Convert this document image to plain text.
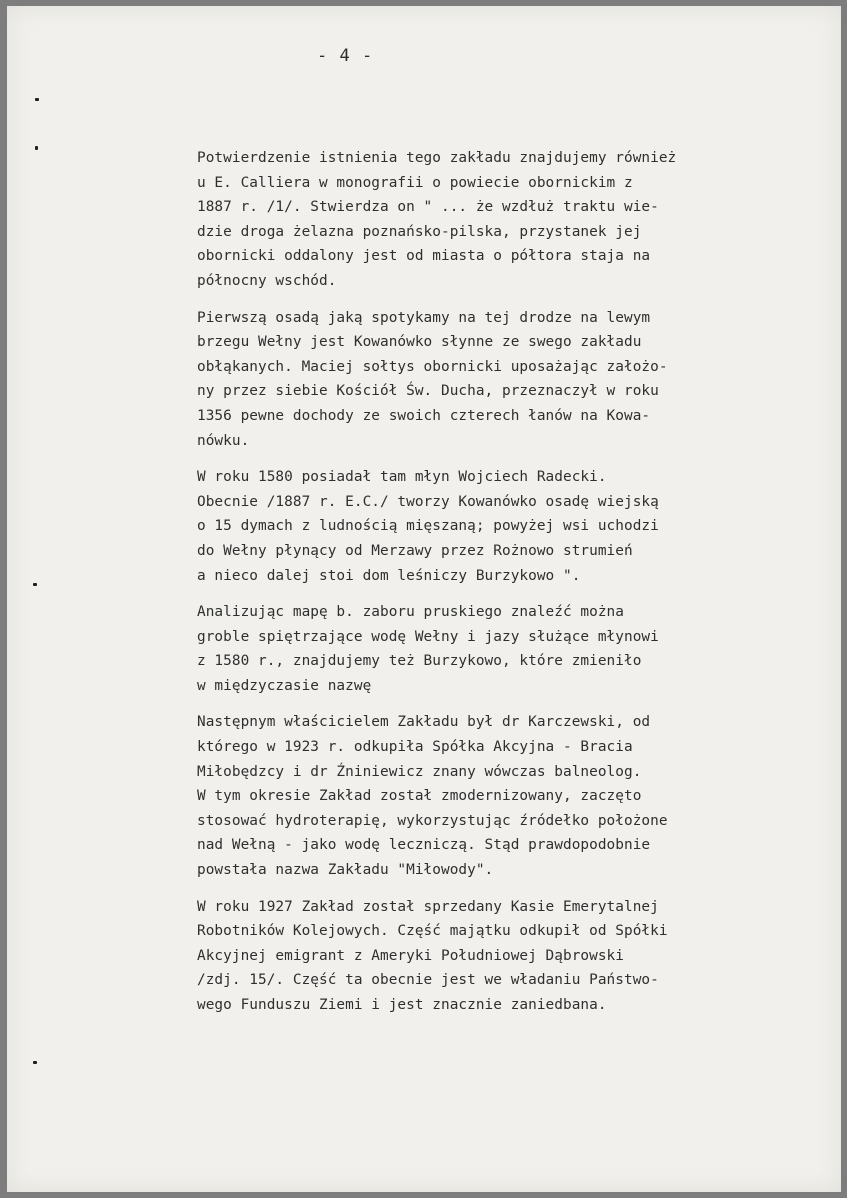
- 4 -
Potwierdzenie istnienia tego zakładu znajdujemy również
u E. Calliera w monografii o powiecie obornickim z
1887 r. /1/. Stwierdza on " ... że wzdłuż traktu wie-
dzie droga żelazna poznańsko-pilska, przystanek jej
obornicki oddalony jest od miasta o półtora staja na
północny wschód.
Pierwszą osadą jaką spotykamy na tej drodze na lewym
brzegu Wełny jest Kowanówko słynne ze swego zakładu
obłąkanych. Maciej sołtys obornicki uposażając założo-
ny przez siebie Kościół Św. Ducha, przeznaczył w roku
1356 pewne dochody ze swoich czterech łanów na Kowa-
nówku.
W roku 1580 posiadał tam młyn Wojciech Radecki.
Obecnie /1887 r. E.C./ tworzy Kowanówko osadę wiejską
o 15 dymach z ludnością mięszaną; powyżej wsi uchodzi
do Wełny płynący od Merzawy przez Rożnowo strumień
a nieco dalej stoi dom leśniczy Burzykowo ".
Analizując mapę b. zaboru pruskiego znaleźć można
groble spiętrzające wodę Wełny i jazy służące młynowi
z 1580 r., znajdujemy też Burzykowo, które zmieniło
w międzyczasie nazwę
Następnym właścicielem Zakładu był dr Karczewski, od
którego w 1923 r. odkupiła Spółka Akcyjna - Bracia
Miłobędzcy i dr Źniniewicz znany wówczas balneolog.
W tym okresie Zakład został zmodernizowany, zaczęto
stosować hydroterapię, wykorzystując źródełko położone
nad Wełną - jako wodę leczniczą. Stąd prawdopodobnie
powstała nazwa Zakładu "Miłowody".
W roku 1927 Zakład został sprzedany Kasie Emerytalnej
Robotników Kolejowych. Część majątku odkupił od Spółki
Akcyjnej emigrant z Ameryki Południowej Dąbrowski
/zdj. 15/. Część ta obecnie jest we władaniu Państwo-
wego Funduszu Ziemi i jest znacznie zaniedbana.
